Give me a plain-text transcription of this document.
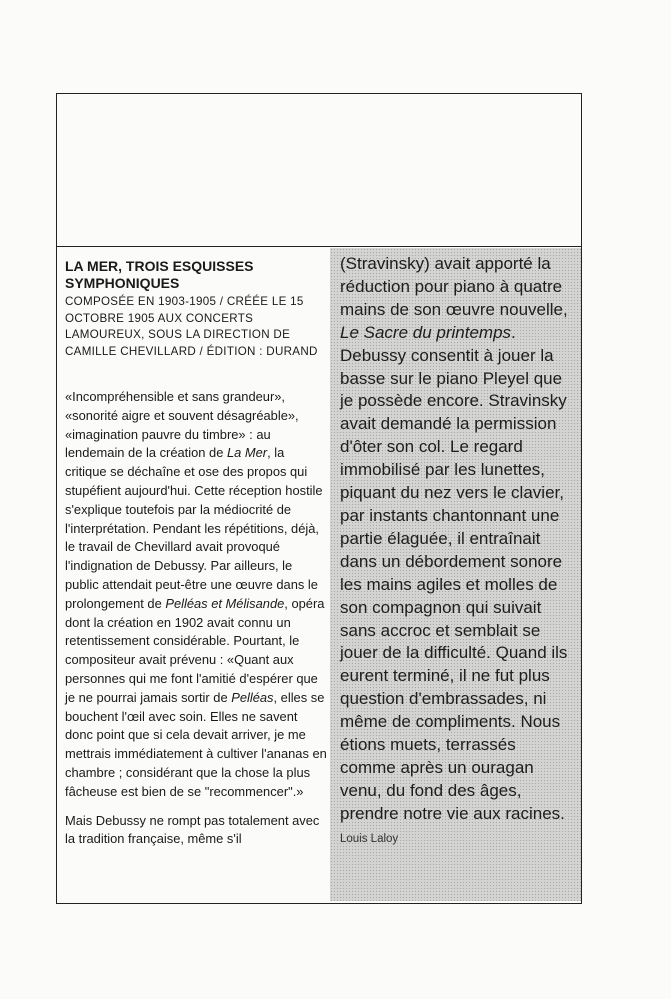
LA MER, TROIS ESQUISSES SYMPHONIQUES

COMPOSÉE EN 1903-1905 / CRÉÉE LE 15 OCTOBRE 1905 AUX CONCERTS LAMOUREUX, SOUS LA DIRECTION DE CAMILLE CHEVILLARD / ÉDITION : DURAND

«Incompréhensible et sans grandeur», «sonorité aigre et souvent désagréable», «imagination pauvre du timbre» : au lendemain de la création de La Mer, la critique se déchaîne et ose des propos qui stupéfient aujourd'hui. Cette réception hostile s'explique toutefois par la médiocrité de l'interprétation. Pendant les répétitions, déjà, le travail de Chevillard avait provoqué l'indignation de Debussy. Par ailleurs, le public attendait peut-être une œuvre dans le prolongement de Pelléas et Mélisande, opéra dont la création en 1902 avait connu un retentissement considérable. Pourtant, le compositeur avait prévenu : «Quant aux personnes qui me font l'amitié d'espérer que je ne pourrai jamais sortir de Pelléas, elles se bouchent l'œil avec soin. Elles ne savent donc point que si cela devait arriver, je me mettrais immédiatement à cultiver l'ananas en chambre ; considérant que la chose la plus fâcheuse est bien de se "recommencer".»

Mais Debussy ne rompt pas totalement avec la tradition française, même s'il

(Stravinsky) avait apporté la réduction pour piano à quatre mains de son œuvre nouvelle, Le Sacre du printemps. Debussy consentit à jouer la basse sur le piano Pleyel que je possède encore. Stravinsky avait demandé la permission d'ôter son col. Le regard immobilisé par les lunettes, piquant du nez vers le clavier, par instants chantonnant une partie élaguée, il entraînait dans un débordement sonore les mains agiles et molles de son compagnon qui suivait sans accroc et semblait se jouer de la difficulté. Quand ils eurent terminé, il ne fut plus question d'embrassades, ni même de compliments. Nous étions muets, terrassés comme après un ouragan venu, du fond des âges, prendre notre vie aux racines.

Louis Laloy
